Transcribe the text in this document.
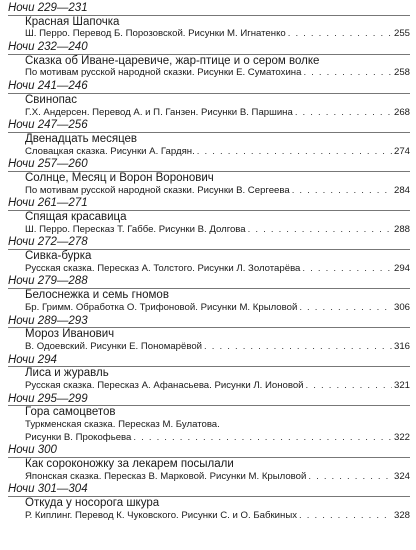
Ночи 229—231
Красная Шапочка
Ш. Перро. Перевод Б. Порозовской. Рисунки М. Игнатенко . . .	255
Ночи 232—240
Сказка об Иване-царевиче, жар-птице и о сером волке
По мотивам русской народной сказки. Рисунки Е. Суматохина . . .	258
Ночи 241—246
Свинопас
Г.Х. Андерсен. Перевод А. и П. Ганзен. Рисунки В. Паршина . . .	268
Ночи 247—256
Двенадцать месяцев
Словацкая сказка. Рисунки А. Гардян. . . .	274
Ночи 257—260
Солнце, Месяц и Ворон Воронович
По мотивам русской народной сказки. Рисунки В. Сергеева . . .	284
Ночи 261—271
Спящая красавица
Ш. Перро. Пересказ Т. Габбе. Рисунки В. Долгова . . .	288
Ночи 272—278
Сивка-бурка
Русская сказка. Пересказ А. Толстого. Рисунки Л. Золотарёва . . .	294
Ночи 279—288
Белоснежка и семь гномов
Бр. Гримм. Обработка О. Трифоновой. Рисунки М. Крыловой . . .	306
Ночи 289—293
Мороз Иванович
В. Одоевский. Рисунки Е. Пономарёвой . . .	316
Ночи 294
Лиса и журавль
Русская сказка. Пересказ А. Афанасьева. Рисунки Л. Ионовой . . .	321
Ночи 295—299
Гора самоцветов
Туркменская сказка. Пересказ М. Булатова.
Рисунки В. Прокофьева . . .	322
Ночи 300
Как сороконожку за лекарем посылали
Японская сказка. Пересказ В. Марковой. Рисунки М. Крыловой . . .	324
Ночи 301—304
Откуда у носорога шкура
Р. Киплинг. Перевод К. Чуковского. Рисунки С. и О. Бабкиных . . .	328
